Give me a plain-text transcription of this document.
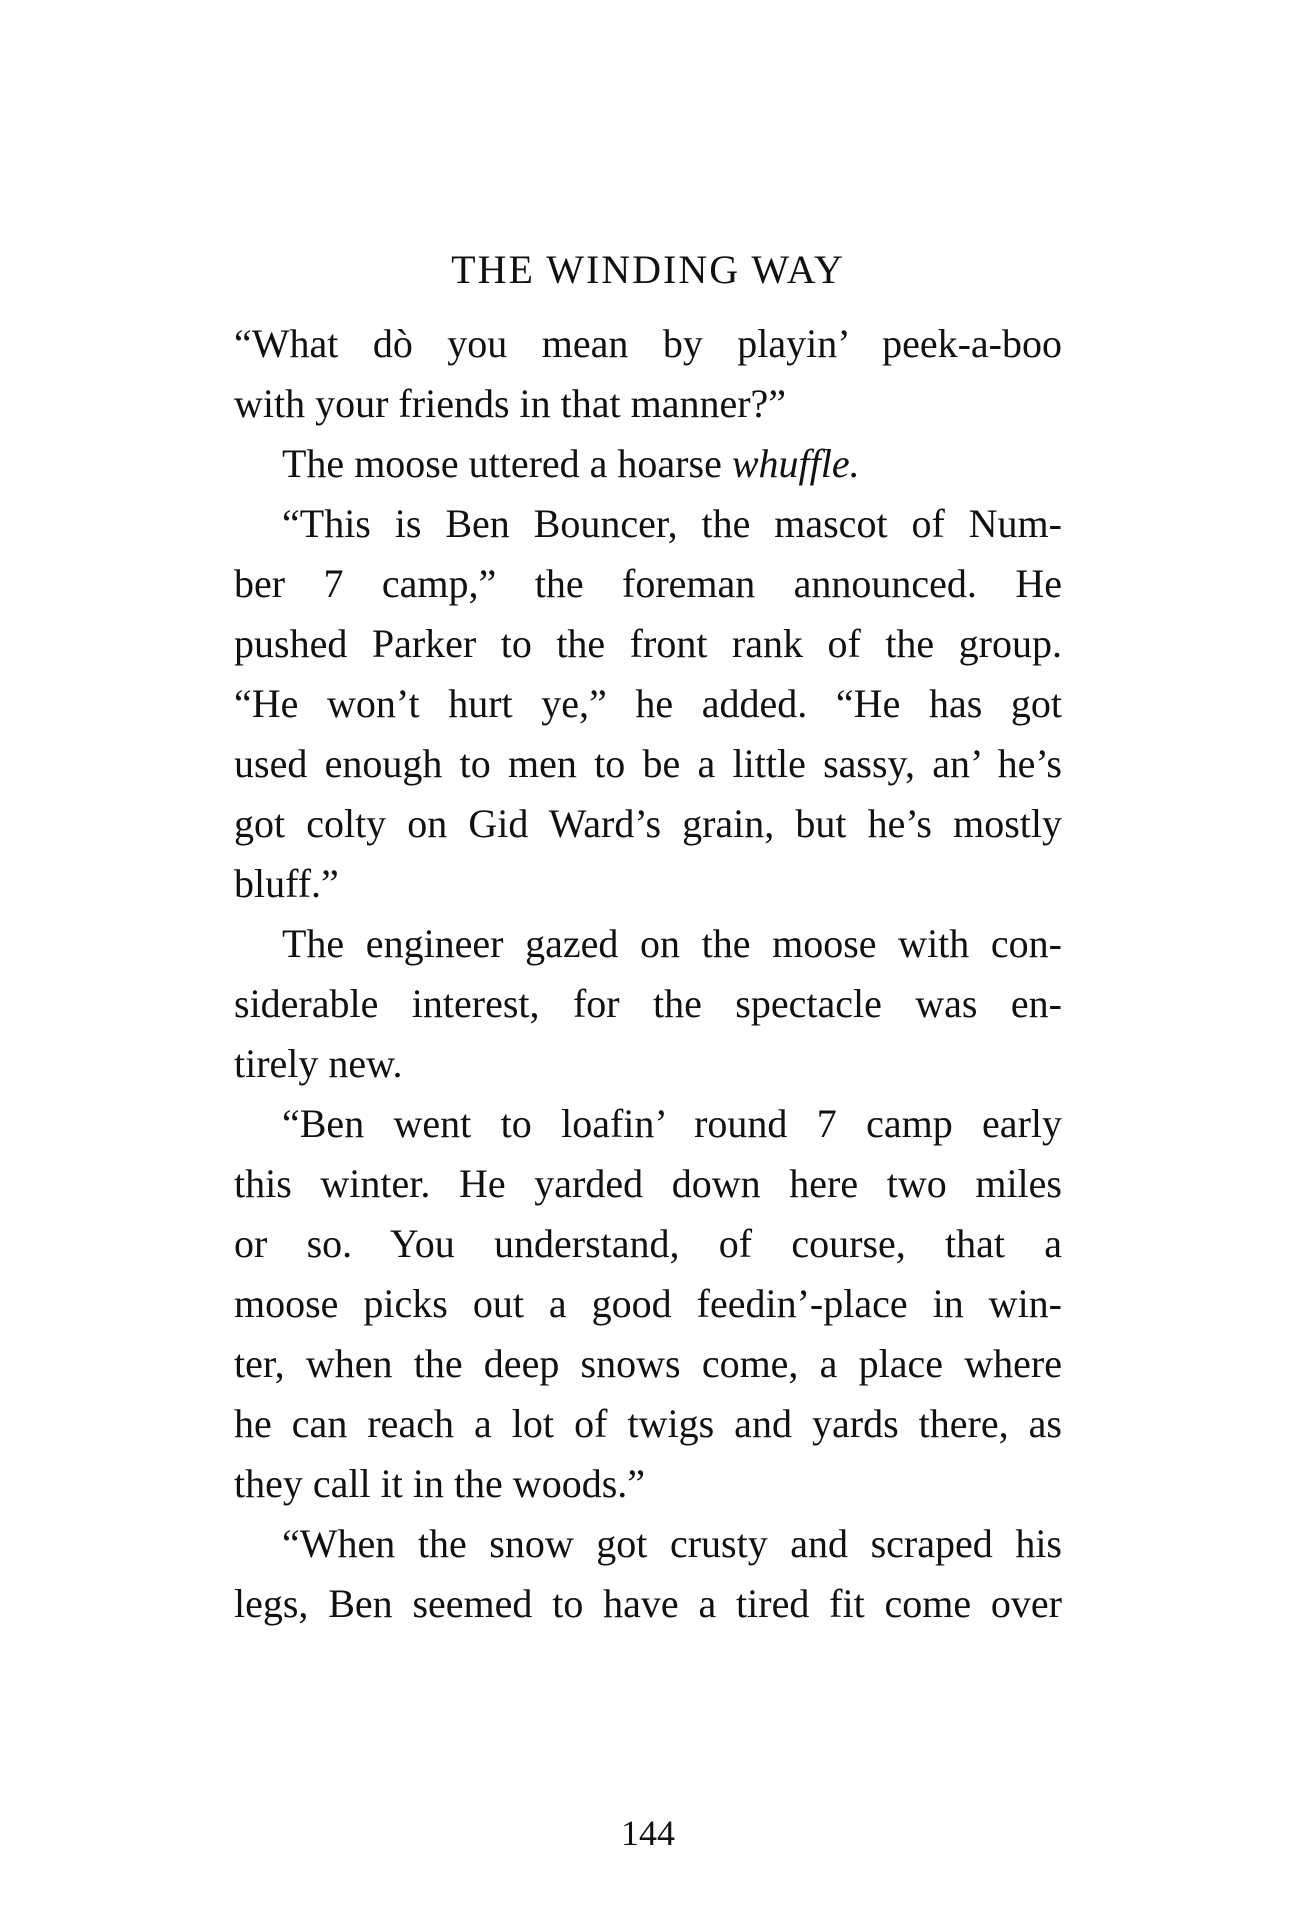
THE WINDING WAY

“What dò you mean by playin’ peek-a-boo

with your friends in that manner?”

The moose uttered a hoarse whuffle.

“This is Ben Bouncer, the mascot of Num-

ber 7 camp,” the foreman announced. He

pushed Parker to the front rank of the group.

“He won’t hurt ye,” he added. “He has got

used enough to men to be a little sassy, an’ he’s

got colty on Gid Ward’s grain, but he’s mostly

bluff.”

The engineer gazed on the moose with con-

siderable interest, for the spectacle was en-

tirely new.

“Ben went to loafin’ round 7 camp early

this winter. He yarded down here two miles

or so. You understand, of course, that a

moose picks out a good feedin’-place in win-

ter, when the deep snows come, a place where

he can reach a lot of twigs and yards there, as

they call it in the woods.”

“When the snow got crusty and scraped his

legs, Ben seemed to have a tired fit come over

144
